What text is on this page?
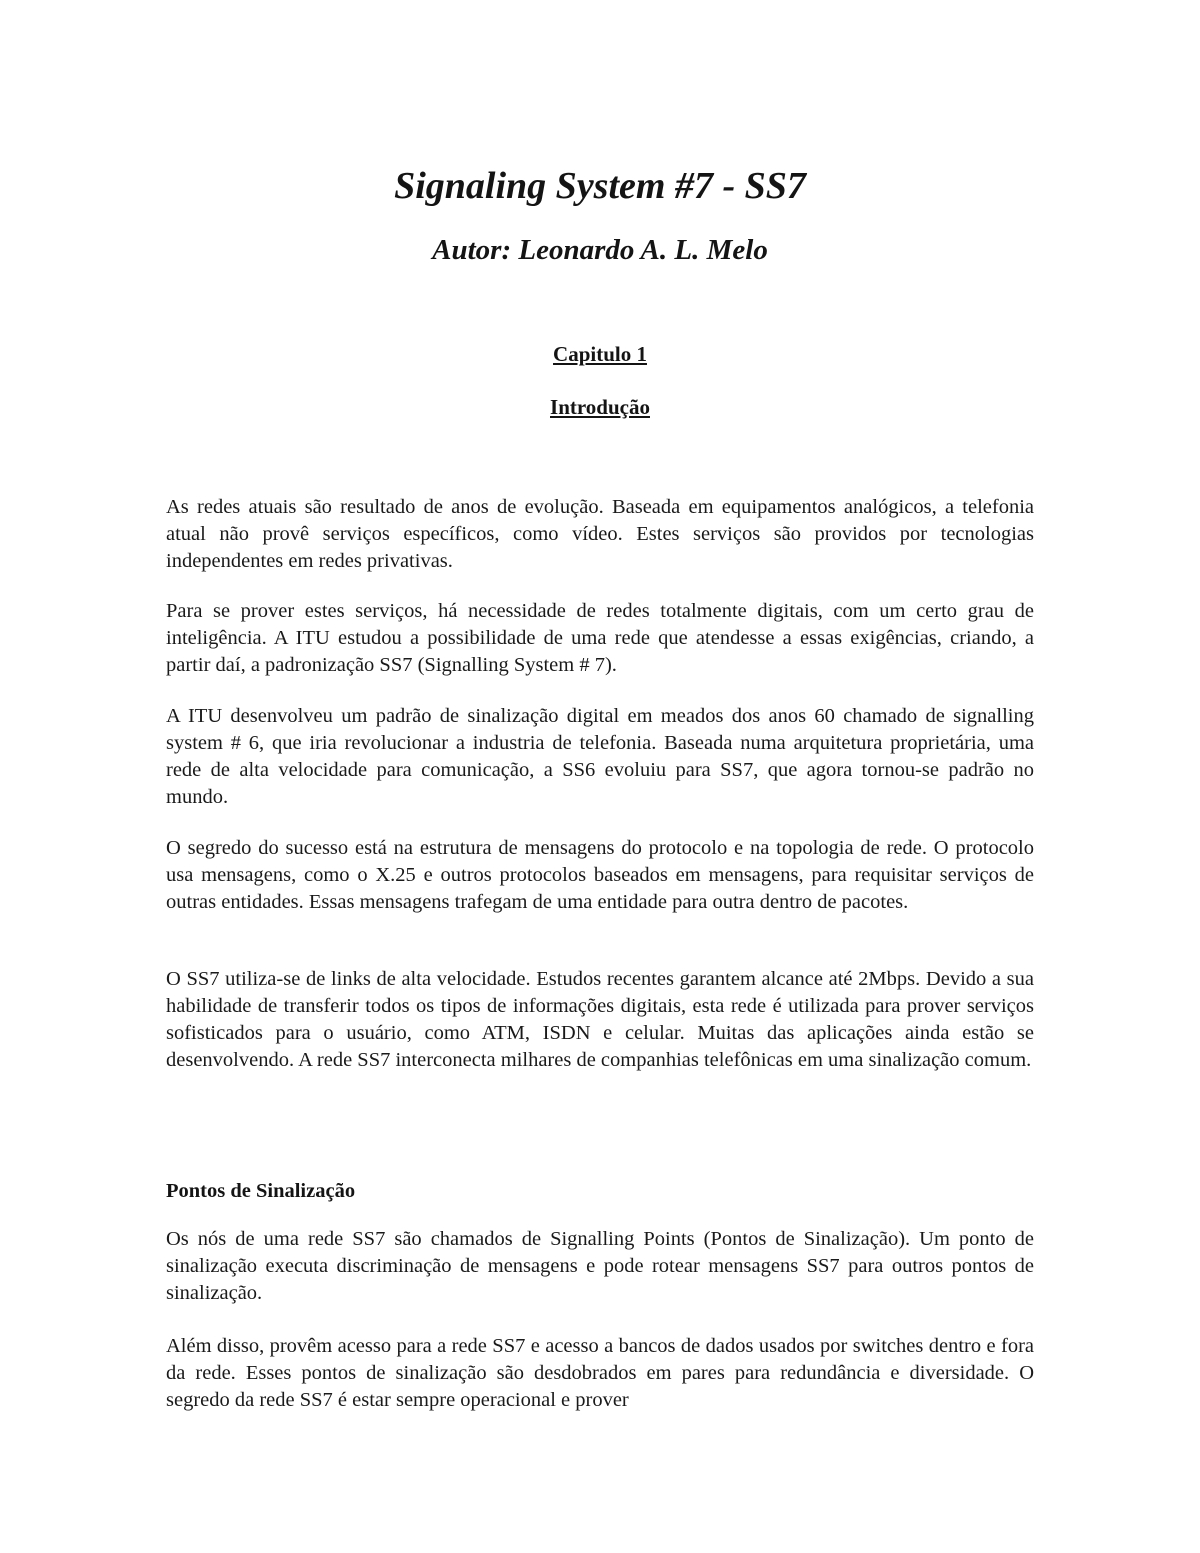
Signaling System #7 - SS7
Autor: Leonardo A. L. Melo
Capitulo 1
Introdução

As redes atuais são resultado de anos de evolução. Baseada em equipamentos analógicos, a telefonia atual não provê serviços específicos, como vídeo. Estes serviços são providos por tecnologias independentes em redes privativas.

Para se prover estes serviços, há necessidade de redes totalmente digitais, com um certo grau de inteligência. A ITU estudou a possibilidade de uma rede que atendesse a essas exigências, criando, a partir daí, a padronização SS7 (Signalling System # 7).

A ITU desenvolveu um padrão de sinalização digital em meados dos anos 60 chamado de signalling system # 6, que iria revolucionar a industria de telefonia. Baseada numa arquitetura proprietária, uma rede de alta velocidade para comunicação, a SS6 evoluiu para SS7, que agora tornou-se padrão no mundo.

O segredo do sucesso está na estrutura de mensagens do protocolo e na topologia de rede. O protocolo usa mensagens, como o X.25 e outros protocolos baseados em mensagens, para requisitar serviços de outras entidades. Essas mensagens trafegam de uma entidade para outra dentro de pacotes.

O SS7 utiliza-se de links de alta velocidade. Estudos recentes garantem alcance até 2Mbps. Devido a sua habilidade de transferir todos os tipos de informações digitais, esta rede é utilizada para prover serviços sofisticados para o usuário, como ATM, ISDN e celular. Muitas das aplicações ainda estão se desenvolvendo. A rede SS7 interconecta milhares de companhias telefônicas em uma sinalização comum.

Pontos de Sinalização

Os nós de uma rede SS7 são chamados de Signalling Points (Pontos de Sinalização). Um ponto de sinalização executa discriminação de mensagens e pode rotear mensagens SS7 para outros pontos de sinalização.

Além disso, provêm acesso para a rede SS7 e acesso a bancos de dados usados por switches dentro e fora da rede. Esses pontos de sinalização são desdobrados em pares para redundância e diversidade. O segredo da rede SS7 é estar sempre operacional e prover
